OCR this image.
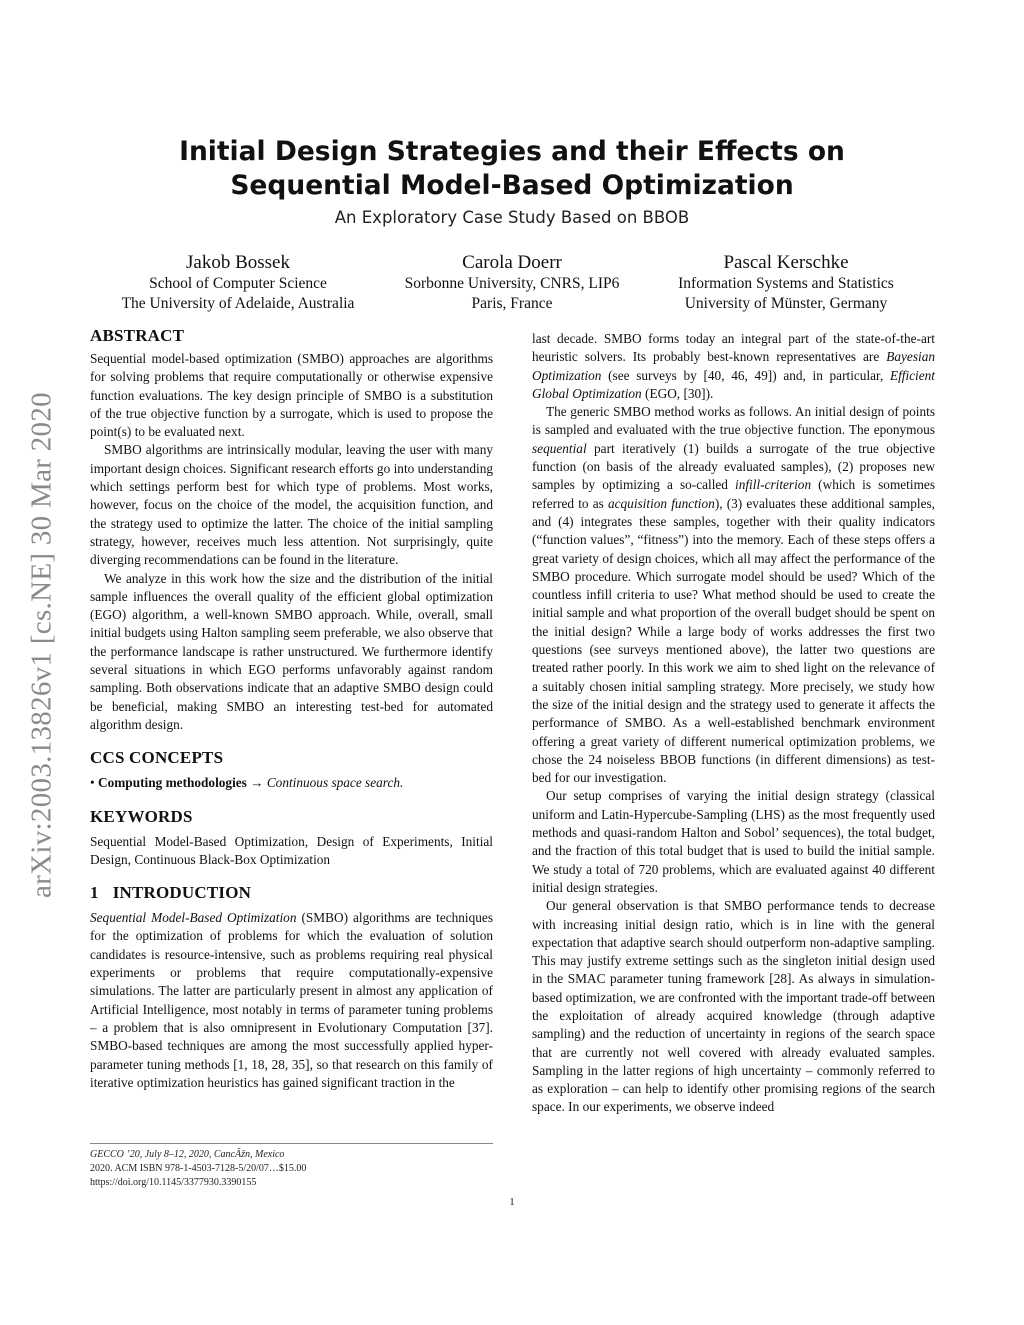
arXiv:2003.13826v1 [cs.NE] 30 Mar 2020
Initial Design Strategies and their Effects on
Sequential Model-Based Optimization
An Exploratory Case Study Based on BBOB
Jakob Bossek
School of Computer Science
The University of Adelaide, Australia
Carola Doerr
Sorbonne University, CNRS, LIP6
Paris, France
Pascal Kerschke
Information Systems and Statistics
University of Münster, Germany
ABSTRACT

Sequential model-based optimization (SMBO) approaches are algorithms for solving problems that require computationally or otherwise expensive function evaluations. The key design principle of SMBO is a substitution of the true objective function by a surrogate, which is used to propose the point(s) to be evaluated next.

SMBO algorithms are intrinsically modular, leaving the user with many important design choices. Significant research efforts go into understanding which settings perform best for which type of problems. Most works, however, focus on the choice of the model, the acquisition function, and the strategy used to optimize the latter. The choice of the initial sampling strategy, however, receives much less attention. Not surprisingly, quite diverging recommendations can be found in the literature.

We analyze in this work how the size and the distribution of the initial sample influences the overall quality of the efficient global optimization (EGO) algorithm, a well-known SMBO approach. While, overall, small initial budgets using Halton sampling seem preferable, we also observe that the performance landscape is rather unstructured. We furthermore identify several situations in which EGO performs unfavorably against random sampling. Both observations indicate that an adaptive SMBO design could be beneficial, making SMBO an interesting test-bed for automated algorithm design.

CCS CONCEPTS
• Computing methodologies → Continuous space search.
KEYWORDS

Sequential Model-Based Optimization, Design of Experiments, Initial Design, Continuous Black-Box Optimization

1 INTRODUCTION

Sequential Model-Based Optimization (SMBO) algorithms are techniques for the optimization of problems for which the evaluation of solution candidates is resource-intensive, such as problems requiring real physical experiments or problems that require computationally-expensive simulations. The latter are particularly present in almost any application of Artificial Intelligence, most notably in terms of parameter tuning problems – a problem that is also omnipresent in Evolutionary Computation [37]. SMBO-based techniques are among the most successfully applied hyper-parameter tuning methods [1, 18, 28, 35], so that research on this family of iterative optimization heuristics has gained significant traction in the

last decade. SMBO forms today an integral part of the state-of-the-art heuristic solvers. Its probably best-known representatives are Bayesian Optimization (see surveys by [40, 46, 49]) and, in particular, Efficient Global Optimization (EGO, [30]).

The generic SMBO method works as follows. An initial design of points is sampled and evaluated with the true objective function. The eponymous sequential part iteratively (1) builds a surrogate of the true objective function (on basis of the already evaluated samples), (2) proposes new samples by optimizing a so-called infill-criterion (which is sometimes referred to as acquisition function), (3) evaluates these additional samples, and (4) integrates these samples, together with their quality indicators (“function values”, “fitness”) into the memory. Each of these steps offers a great variety of design choices, which all may affect the performance of the SMBO procedure. Which surrogate model should be used? Which of the countless infill criteria to use? What method should be used to create the initial sample and what proportion of the overall budget should be spent on the initial design? While a large body of works addresses the first two questions (see surveys mentioned above), the latter two questions are treated rather poorly. In this work we aim to shed light on the relevance of a suitably chosen initial sampling strategy. More precisely, we study how the size of the initial design and the strategy used to generate it affects the performance of SMBO. As a well-established benchmark environment offering a great variety of different numerical optimization problems, we chose the 24 noiseless BBOB functions (in different dimensions) as test-bed for our investigation.

Our setup comprises of varying the initial design strategy (classical uniform and Latin-Hypercube-Sampling (LHS) as the most frequently used methods and quasi-random Halton and Sobol’ sequences), the total budget, and the fraction of this total budget that is used to build the initial sample. We study a total of 720 problems, which are evaluated against 40 different initial design strategies.

Our general observation is that SMBO performance tends to decrease with increasing initial design ratio, which is in line with the general expectation that adaptive search should outperform non-adaptive sampling. This may justify extreme settings such as the singleton initial design used in the SMAC parameter tuning framework [28]. As always in simulation-based optimization, we are confronted with the important trade-off between the exploitation of already acquired knowledge (through adaptive sampling) and the reduction of uncertainty in regions of the search space that are currently not well covered with already evaluated samples. Sampling in the latter regions of high uncertainty – commonly referred to as exploration – can help to identify other promising regions of the search space. In our experiments, we observe indeed

GECCO ’20, July 8–12, 2020, CancÃžn, Mexico
2020. ACM ISBN 978-1-4503-7128-5/20/07…$15.00
https://doi.org/10.1145/3377930.3390155
1
